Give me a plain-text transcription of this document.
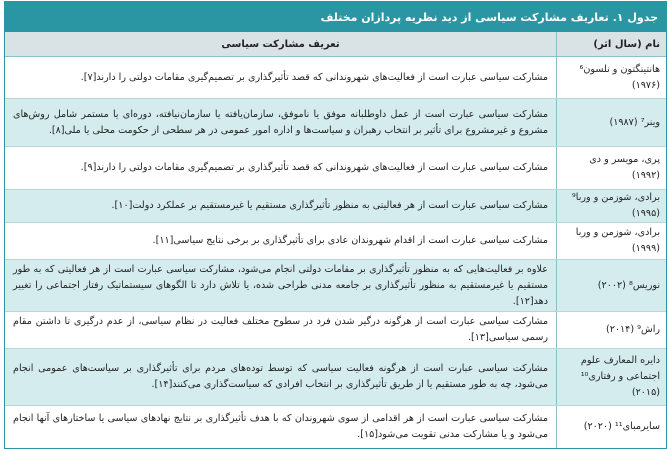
جدول ۱. تعاریف مشارکت سیاسی از دید نظریه پردازان مختلف
نام (سال اثر)
تعریف مشارکت سیاسی
هانتینگتون و نلسون⁶ (۱۹۷۶)
مشارکت سیاسی عبارت است از فعالیت‌های شهروندانی که قصد تأثیرگذاری بر تصمیم‌گیری مقامات دولتی را دارند[۷].
وینر⁷ (۱۹۸۷)
مشارکت سیاسی عبارت است از عمل داوطلبانه موفق یا ناموفق، سازمان‌یافته یا سازمان‌نیافته، دوره‌ای یا مستمر شامل روش‌های مشروع و غیرمشروع برای تأثیر بر انتخاب رهبران و سیاست‌ها و اداره امور عمومی در هر سطحی از حکومت محلی یا ملی[۸].
پری، مویسر و دی (۱۹۹۲)
مشارکت سیاسی عبارت است از فعالیت‌های شهروندانی که قصد تأثیرگذاری بر تصمیم‌گیری مقامات دولتی را دارند[۹].
برادی، شوزمن و وربا⁹ (۱۹۹۵)
مشارکت سیاسی عبارت است از هر فعالیتی به منظور تأثیرگذاری مستقیم یا غیرمستقیم بر عملکرد دولت[۱۰].
برادی، شوزمن و وربا (۱۹۹۹)
مشارکت سیاسی عبارت است از اقدام شهروندان عادی برای تأثیرگذاری بر برخی نتایج سیاسی[۱۱].
نوریس⁸ (۲۰۰۲)
علاوه بر فعالیت‌هایی که به منظور تأثیرگذاری بر مقامات دولتی انجام می‌شود، مشارکت سیاسی عبارت است از هر فعالیتی که به طور مستقیم یا غیرمستقیم به منظور تأثیرگذاری بر جامعه مدنی طراحی شده، یا تلاش دارد تا الگوهای سیستماتیک رفتار اجتماعی را تغییر دهد[۱۲].
راش⁹ (۲۰۱۴)
مشارکت سیاسی عبارت است از هرگونه درگیر شدن فرد در سطوح مختلف فعالیت در نظام سیاسی، از عدم درگیری تا داشتن مقام رسمی سیاسی[۱۳].
دایره المعارف علوم اجتماعی و رفتاری¹⁰ (۲۰۱۵)
مشارکت سیاسی عبارت است از هرگونه فعالیت سیاسی که توسط توده‌های مردم برای تأثیرگذاری بر سیاست‌های عمومی انجام می‌شود، چه به طور مستقیم یا از طریق تأثیرگذاری بر انتخاب افرادی که سیاست‌گذاری می‌کنند[۱۴].
سایرمبای¹¹ (۲۰۲۰)
مشارکت سیاسی عبارت است از هر اقدامی از سوی شهروندان که با هدف تأثیرگذاری بر نتایج نهادهای سیاسی یا ساختارهای آنها انجام می‌شود و یا مشارکت مدنی تقویت می‌شود[۱۵].
